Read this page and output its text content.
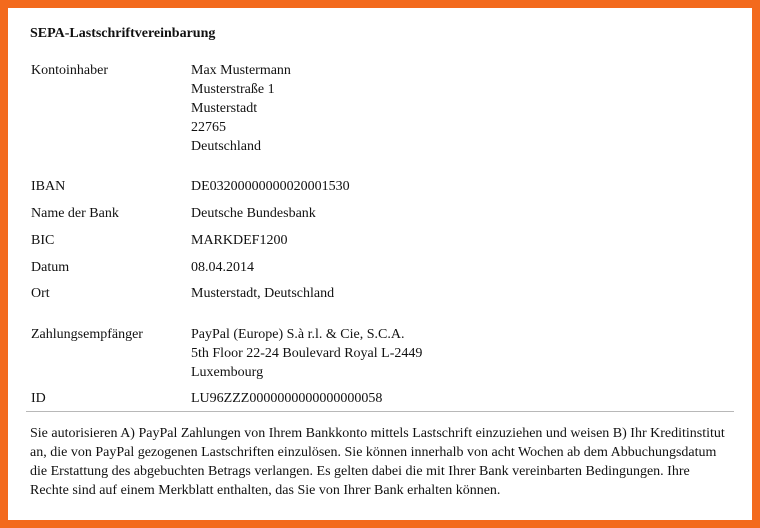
SEPA-Lastschriftvereinbarung
Kontoinhaber	Max Mustermann
Musterstraße 1
Musterstadt
22765
Deutschland
IBAN	DE03200000000020001530
Name der Bank	Deutsche Bundesbank
BIC	MARKDEF1200
Datum	08.04.2014
Ort	Musterstadt, Deutschland
Zahlungsempfänger	PayPal (Europe) S.à r.l. & Cie, S.C.A.
5th Floor 22-24 Boulevard Royal L-2449
Luxembourg
ID	LU96ZZZ0000000000000000058
Sie autorisieren A) PayPal Zahlungen von Ihrem Bankkonto mittels Lastschrift einzuziehen und weisen B) Ihr Kreditinstitut an, die von PayPal gezogenen Lastschriften einzulösen. Sie können innerhalb von acht Wochen ab dem Abbuchungsdatum die Erstattung des abgebuchten Betrags verlangen. Es gelten dabei die mit Ihrer Bank vereinbarten Bedingungen. Ihre Rechte sind auf einem Merkblatt enthalten, das Sie von Ihrer Bank erhalten können.
